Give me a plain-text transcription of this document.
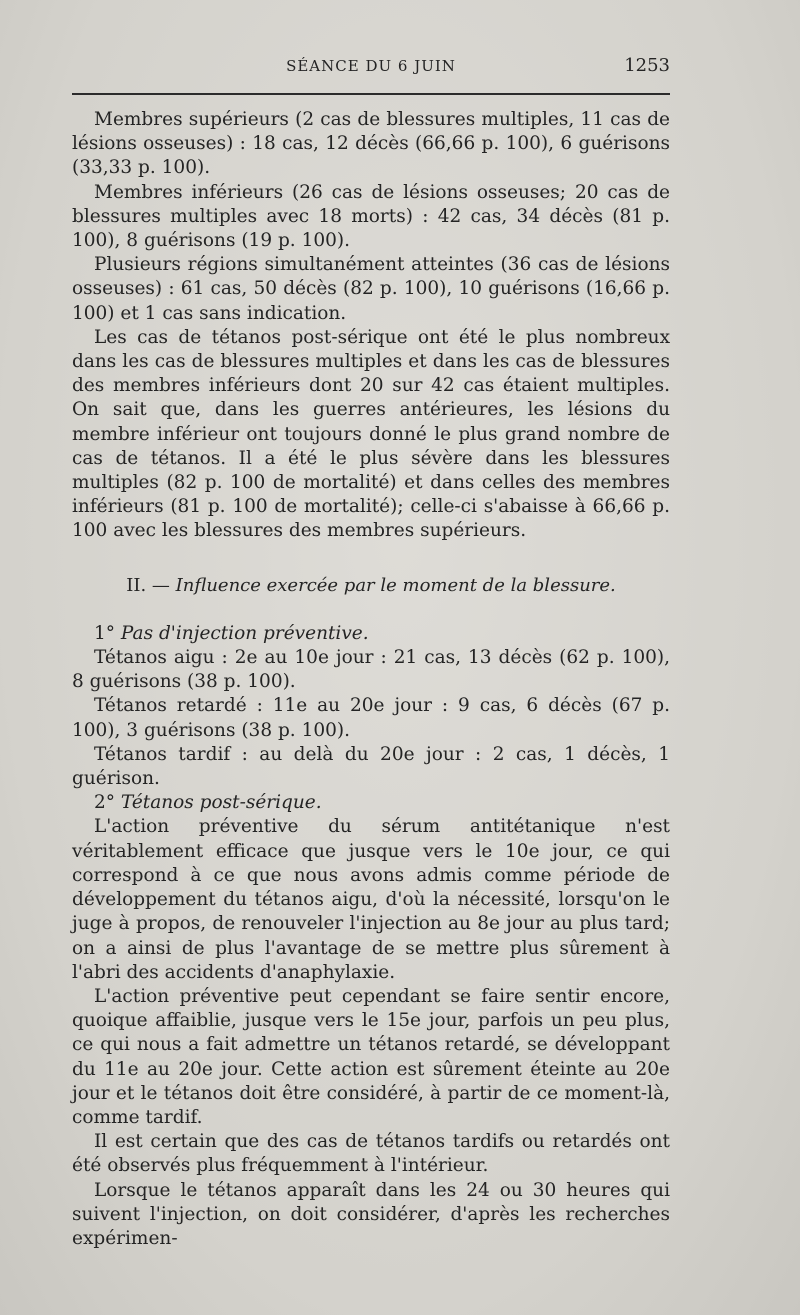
SÉANCE DU 6 JUIN	1253

Membres supérieurs (2 cas de blessures multiples, 11 cas de lésions osseuses) : 18 cas, 12 décès (66,66 p. 100), 6 guérisons (33,33 p. 100).

Membres inférieurs (26 cas de lésions osseuses; 20 cas de blessures multiples avec 18 morts) : 42 cas, 34 décès (81 p. 100), 8 guérisons (19 p. 100).

Plusieurs régions simultanément atteintes (36 cas de lésions osseuses) : 61 cas, 50 décès (82 p. 100), 10 guérisons (16,66 p. 100) et 1 cas sans indication.

Les cas de tétanos post-sérique ont été le plus nombreux dans les cas de blessures multiples et dans les cas de blessures des membres inférieurs dont 20 sur 42 cas étaient multiples. On sait que, dans les guerres antérieures, les lésions du membre inférieur ont toujours donné le plus grand nombre de cas de tétanos. Il a été le plus sévère dans les blessures multiples (82 p. 100 de mortalité) et dans celles des membres inférieurs (81 p. 100 de mortalité); celle-ci s'abaisse à 66,66 p. 100 avec les blessures des membres supérieurs.

II. — Influence exercée par le moment de la blessure.

1° Pas d'injection préventive.

Tétanos aigu : 2e au 10e jour : 21 cas, 13 décès (62 p. 100), 8 guérisons (38 p. 100).

Tétanos retardé : 11e au 20e jour : 9 cas, 6 décès (67 p. 100), 3 guérisons (38 p. 100).

Tétanos tardif : au delà du 20e jour : 2 cas, 1 décès, 1 guérison.

2° Tétanos post-sérique.

L'action préventive du sérum antitétanique n'est véritablement efficace que jusque vers le 10e jour, ce qui correspond à ce que nous avons admis comme période de développement du tétanos aigu, d'où la nécessité, lorsqu'on le juge à propos, de renouveler l'injection au 8e jour au plus tard; on a ainsi de plus l'avantage de se mettre plus sûrement à l'abri des accidents d'anaphylaxie.

L'action préventive peut cependant se faire sentir encore, quoique affaiblie, jusque vers le 15e jour, parfois un peu plus, ce qui nous a fait admettre un tétanos retardé, se développant du 11e au 20e jour. Cette action est sûrement éteinte au 20e jour et le tétanos doit être considéré, à partir de ce moment-là, comme tardif.

Il est certain que des cas de tétanos tardifs ou retardés ont été observés plus fréquemment à l'intérieur.

Lorsque le tétanos apparaît dans les 24 ou 30 heures qui suivent l'injection, on doit considérer, d'après les recherches expérimen-
